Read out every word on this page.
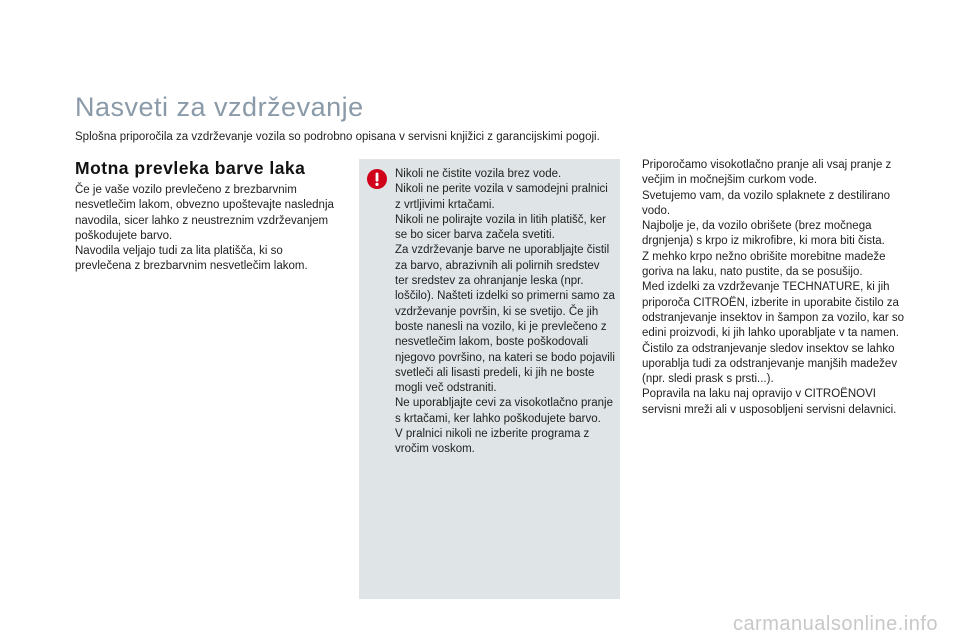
Nasveti za vzdrževanje
Splošna priporočila za vzdrževanje vozila so podrobno opisana v servisni knjižici z garancijskimi pogoji.
Motna prevleka barve laka

Če je vaše vozilo prevlečeno z brezbarvnim nesvetlečim lakom, obvezno upoštevajte naslednja navodila, sicer lahko z neustreznim vzdrževanjem poškodujete barvo.

Navodila veljajo tudi za lita platišča, ki so prevlečena z brezbarvnim nesvetlečim lakom.

Nikoli ne čistite vozila brez vode.

Nikoli ne perite vozila v samodejni pralnici z vrtljivimi krtačami.

Nikoli ne polirajte vozila in litih platišč, ker se bo sicer barva začela svetiti.

Za vzdrževanje barve ne uporabljajte čistil za barvo, abrazivnih ali polirnih sredstev ter sredstev za ohranjanje leska (npr. loščilo). Našteti izdelki so primerni samo za vzdrževanje površin, ki se svetijo. Če jih boste nanesli na vozilo, ki je prevlečeno z nesvetlečim lakom, boste poškodovali njegovo površino, na kateri se bodo pojavili svetleči ali lisasti predeli, ki jih ne boste mogli več odstraniti.

Ne uporabljajte cevi za visokotlačno pranje s krtačami, ker lahko poškodujete barvo.

V pralnici nikoli ne izberite programa z vročim voskom.

Priporočamo visokotlačno pranje ali vsaj pranje z večjim in močnejšim curkom vode.

Svetujemo vam, da vozilo splaknete z destilirano vodo.

Najbolje je, da vozilo obrišete (brez močnega drgnjenja) s krpo iz mikrofibre, ki mora biti čista.

Z mehko krpo nežno obrišite morebitne madeže goriva na laku, nato pustite, da se posušijo.

Med izdelki za vzdrževanje TECHNATURE, ki jih priporoča CITROËN, izberite in uporabite čistilo za odstranjevanje insektov in šampon za vozilo, kar so edini proizvodi, ki jih lahko uporabljate v ta namen.

Čistilo za odstranjevanje sledov insektov se lahko uporablja tudi za odstranjevanje manjših madežev (npr. sledi prask s prsti...).

Popravila na laku naj opravijo v CITROËNOVI servisni mreži ali v usposobljeni servisni delavnici.

carmanualsonline.info
